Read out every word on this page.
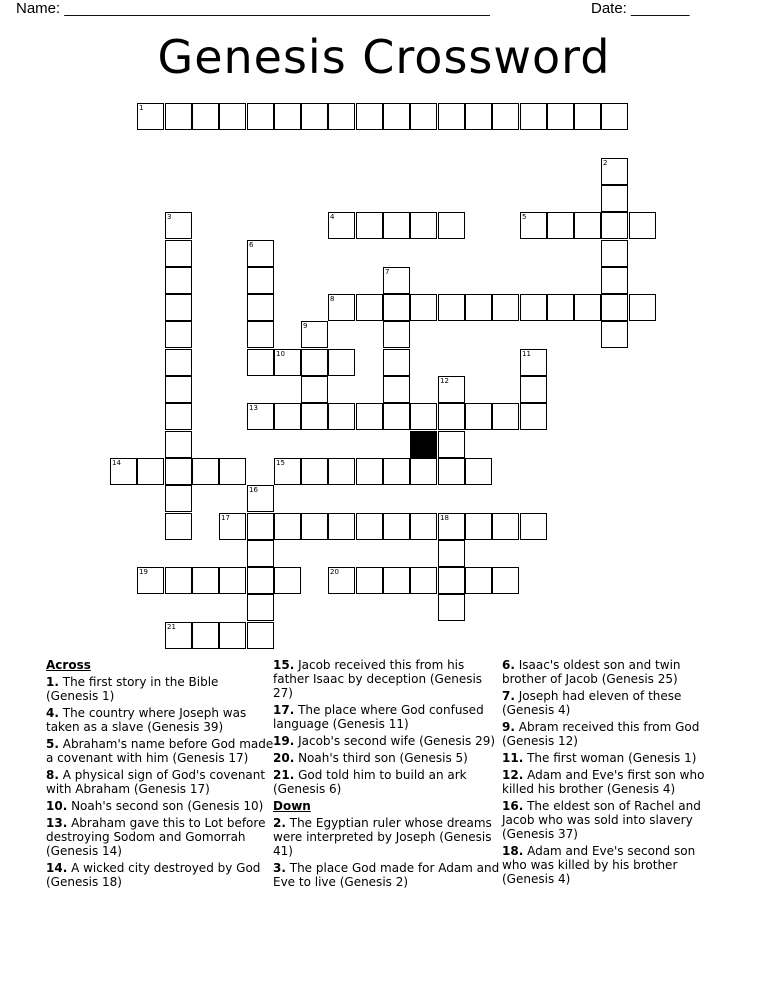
Name: ___________________________________________________	Date: _______
Genesis Crossword
1
2
3	4	5
6
7
8
9
10	11
12
13
14	15
16
17	18
19	20
21
Across
1. The first story in the Bible (Genesis 1)
4. The country where Joseph was taken as a slave (Genesis 39)
5. Abraham's name before God made a covenant with him (Genesis 17)
8. A physical sign of God's covenant with Abraham (Genesis 17)
10. Noah's second son (Genesis 10)
13. Abraham gave this to Lot before destroying Sodom and Gomorrah (Genesis 14)
14. A wicked city destroyed by God (Genesis 18)
15. Jacob received this from his father Isaac by deception (Genesis 27)
17. The place where God confused language (Genesis 11)
19. Jacob's second wife (Genesis 29)
20. Noah's third son (Genesis 5)
21. God told him to build an ark (Genesis 6)
Down
2. The Egyptian ruler whose dreams were interpreted by Joseph (Genesis 41)
3. The place God made for Adam and Eve to live (Genesis 2)
6. Isaac's oldest son and twin brother of Jacob (Genesis 25)
7. Joseph had eleven of these (Genesis 4)
9. Abram received this from God (Genesis 12)
11. The first woman (Genesis 1)
12. Adam and Eve's first son who killed his brother (Genesis 4)
16. The eldest son of Rachel and Jacob who was sold into slavery (Genesis 37)
18. Adam and Eve's second son who was killed by his brother (Genesis 4)
